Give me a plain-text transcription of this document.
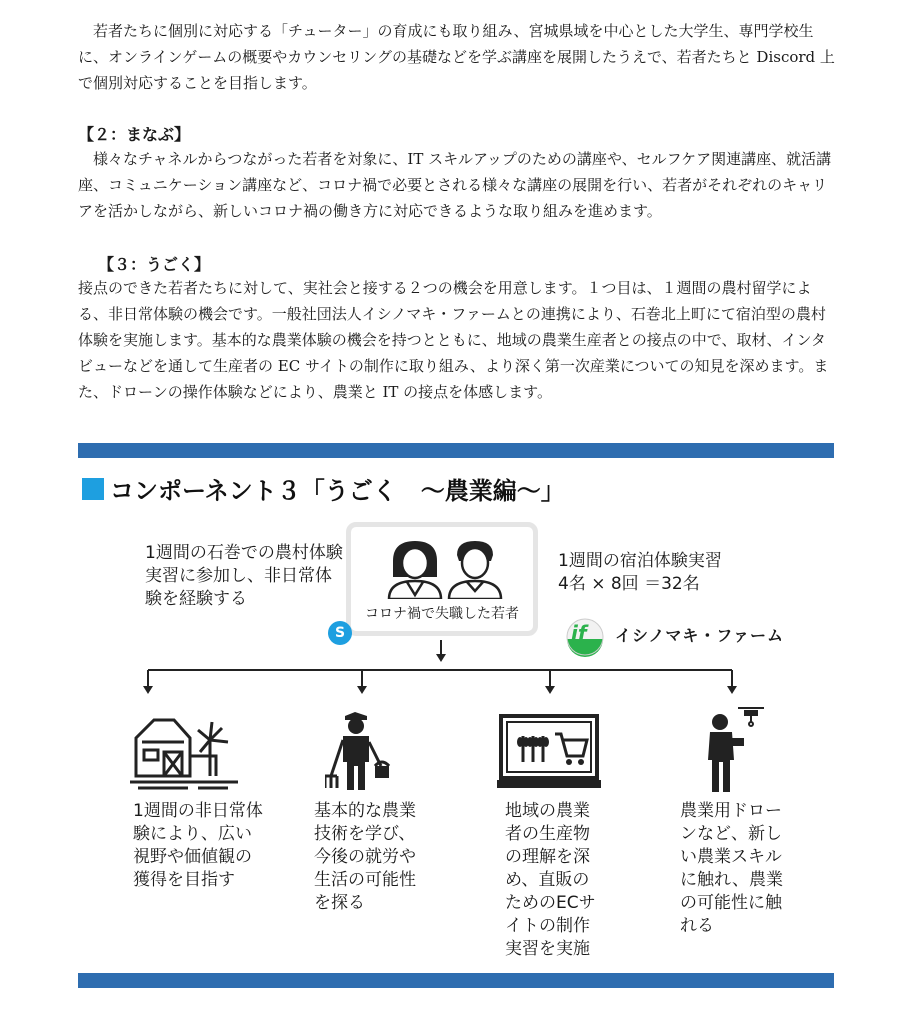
　若者たちに個別に対応する「チューター」の育成にも取り組み、宮城県域を中心とした大学生、専門学校生に、オンラインゲームの概要やカウンセリングの基礎などを学ぶ講座を展開したうえで、若者たちと Discord 上で個別対応することを目指します。

【２：まなぶ】

　様々なチャネルからつながった若者を対象に、IT スキルアップのための講座や、セルフケア関連講座、就活講座、コミュニケーション講座など、コロナ禍で必要とされる様々な講座の展開を行い、若者がそれぞれのキャリアを活かしながら、新しいコロナ禍の働き方に対応できるような取り組みを進めます。

【３：うごく】

接点のできた若者たちに対して、実社会と接する２つの機会を用意します。１つ目は、１週間の農村留学による、非日常体験の機会です。一般社団法人イシノマキ・ファームとの連携により、石巻北上町にて宿泊型の農村体験を実施します。基本的な農業体験の機会を持つとともに、地域の農業生産者との接点の中で、取材、インタビューなどを通して生産者の EC サイトの制作に取り組み、より深く第一次産業についての知見を深めます。また、ドローンの操作体験などにより、農業と IT の接点を体感します。

コンポーネント３「うごく　～農業編～」
1週間の石巻での農村体験実習に参加し、非日常体験を経験する
コロナ禍で失職した若者
S
1週間の宿泊体験実習
4名 × 8回 ＝32名
if イシノマキ・ファーム
1週間の非日常体験により、広い視野や価値観の獲得を目指す
基本的な農業技術を学び、今後の就労や生活の可能性を探る
地域の農業者の生産物の理解を深め、直販のためのECサイトの制作実習を実施
農業用ドローンなど、新しい農業スキルに触れ、農業の可能性に触れる
